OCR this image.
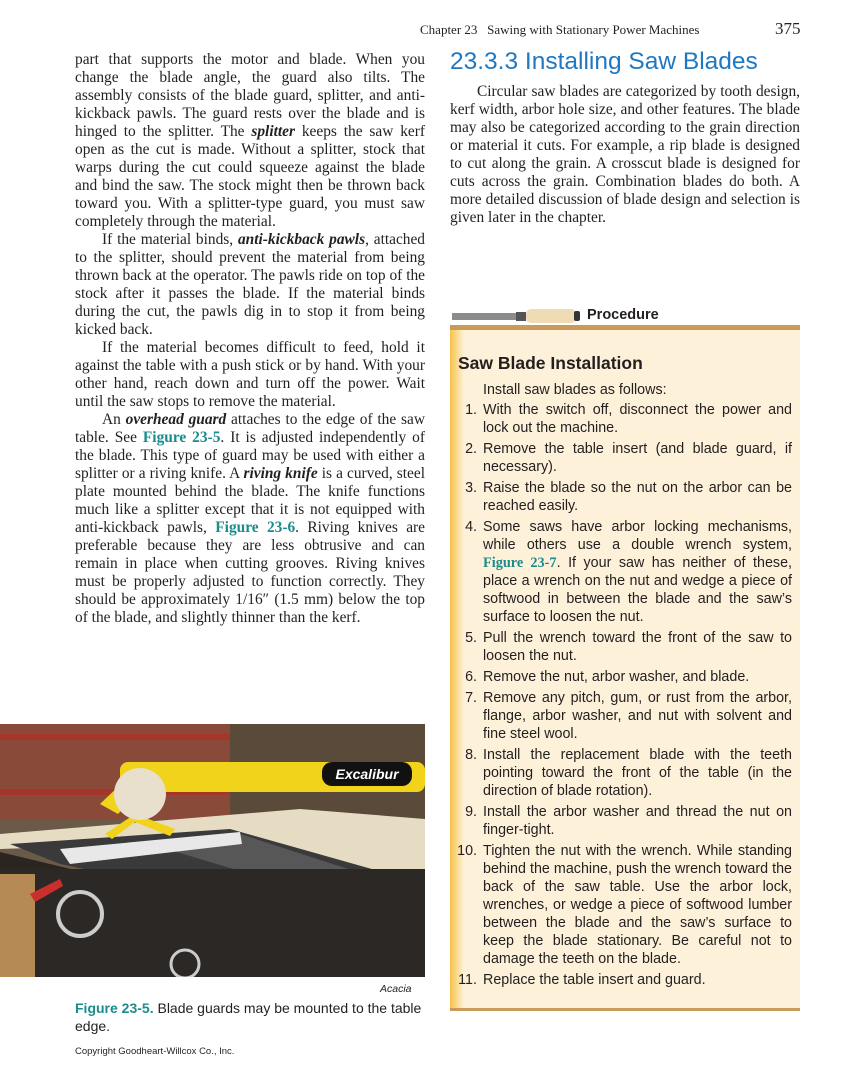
Chapter 23   Sawing with Stationary Power Machines	375

part that supports the motor and blade. When you change the blade angle, the guard also tilts. The assembly consists of the blade guard, splitter, and anti-kickback pawls. The guard rests over the blade and is hinged to the splitter. The splitter keeps the saw kerf open as the cut is made. Without a splitter, stock that warps during the cut could squeeze against the blade and bind the saw. The stock might then be thrown back toward you. With a splitter-type guard, you must saw completely through the material.

If the material binds, anti-kickback pawls, attached to the splitter, should prevent the material from being thrown back at the operator. The pawls ride on top of the stock after it passes the blade. If the material binds during the cut, the pawls dig in to stop it from being kicked back.

If the material becomes difficult to feed, hold it against the table with a push stick or by hand. With your other hand, reach down and turn off the power. Wait until the saw stops to remove the material.

An overhead guard attaches to the edge of the saw table. See Figure 23-5. It is adjusted independently of the blade. This type of guard may be used with either a splitter or a riving knife. A riving knife is a curved, steel plate mounted behind the blade. The knife functions much like a splitter except that it is not equipped with anti-kickback pawls, Figure 23-6. Riving knives are preferable because they are less obtrusive and can remain in place when cutting grooves. Riving knives must be properly adjusted to function correctly. They should be approximately 1/16″ (1.5 mm) below the top of the blade, and slightly thinner than the kerf.

Excalibur
Acacia
Figure 23-5. Blade guards may be mounted to the table edge.
23.3.3 Installing Saw Blades

Circular saw blades are categorized by tooth design, kerf width, arbor hole size, and other features. The blade may also be categorized according to the grain direction or material it cuts. For example, a rip blade is designed to cut along the grain. A crosscut blade is designed for cuts across the grain. Combination blades do both. A more detailed discussion of blade design and selection is given later in the chapter.

Procedure
Saw Blade Installation
Install saw blades as follows:
1. With the switch off, disconnect the power and lock out the machine.
2. Remove the table insert (and blade guard, if necessary).
3. Raise the blade so the nut on the arbor can be reached easily.
4. Some saws have arbor locking mechanisms, while others use a double wrench system, Figure 23-7. If your saw has neither of these, place a wrench on the nut and wedge a piece of softwood in between the blade and the saw’s surface to loosen the nut.
5. Pull the wrench toward the front of the saw to loosen the nut.
6. Remove the nut, arbor washer, and blade.
7. Remove any pitch, gum, or rust from the arbor, flange, arbor washer, and nut with solvent and fine steel wool.
8. Install the replacement blade with the teeth pointing toward the front of the table (in the direction of blade rotation).
9. Install the arbor washer and thread the nut on finger-tight.
10. Tighten the nut with the wrench. While standing behind the machine, push the wrench toward the back of the saw table. Use the arbor lock, wrenches, or wedge a piece of softwood lumber between the blade and the saw’s surface to keep the blade stationary. Be careful not to damage the teeth on the blade.
11. Replace the table insert and guard.
Copyright Goodheart-Willcox Co., Inc.
